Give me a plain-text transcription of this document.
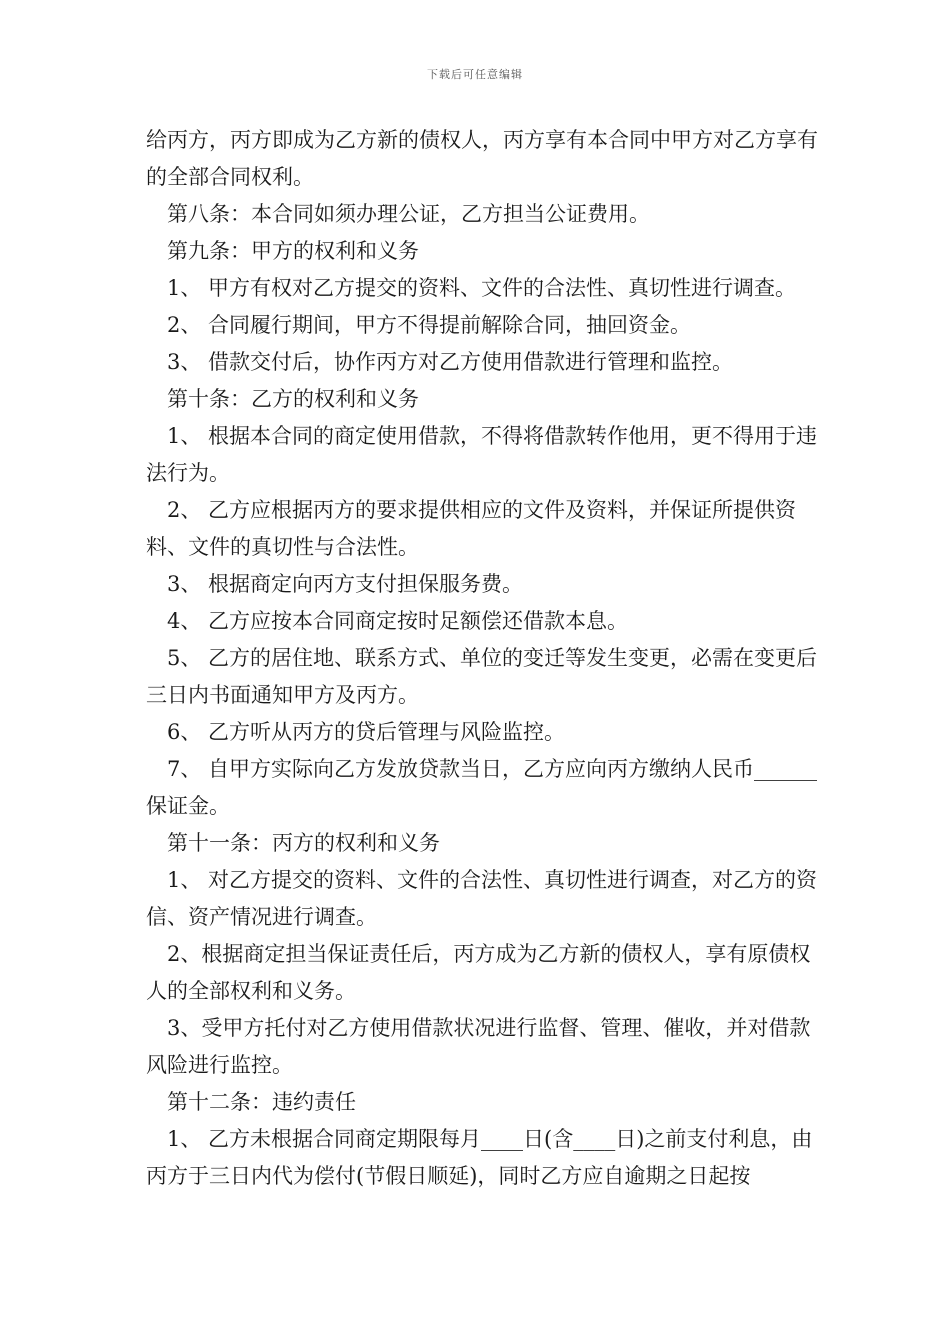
下载后可任意编辑

给丙方，丙方即成为乙方新的债权人，丙方享有本合同中甲方对乙方享有的全部合同权利。

第八条：本合同如须办理公证，乙方担当公证费用。

第九条：甲方的权利和义务

1、 甲方有权对乙方提交的资料、文件的合法性、真切性进行调查。

2、 合同履行期间，甲方不得提前解除合同，抽回资金。

3、 借款交付后，协作丙方对乙方使用借款进行管理和监控。

第十条：乙方的权利和义务

1、 根据本合同的商定使用借款，不得将借款转作他用，更不得用于违法行为。

2、 乙方应根据丙方的要求提供相应的文件及资料，并保证所提供资料、文件的真切性与合法性。

3、 根据商定向丙方支付担保服务费。

4、 乙方应按本合同商定按时足额偿还借款本息。

5、 乙方的居住地、联系方式、单位的变迁等发生变更，必需在变更后三日内书面通知甲方及丙方。

6、 乙方听从丙方的贷后管理与风险监控。

7、 自甲方实际向乙方发放贷款当日，乙方应向丙方缴纳人民币______保证金。

第十一条：丙方的权利和义务

1、 对乙方提交的资料、文件的合法性、真切性进行调查，对乙方的资信、资产情况进行调查。

2、根据商定担当保证责任后，丙方成为乙方新的债权人，享有原债权人的全部权利和义务。

3、受甲方托付对乙方使用借款状况进行监督、管理、催收，并对借款风险进行监控。

第十二条：违约责任

1、 乙方未根据合同商定期限每月____日(含____日)之前支付利息，由丙方于三日内代为偿付(节假日顺延)，同时乙方应自逾期之日起按
